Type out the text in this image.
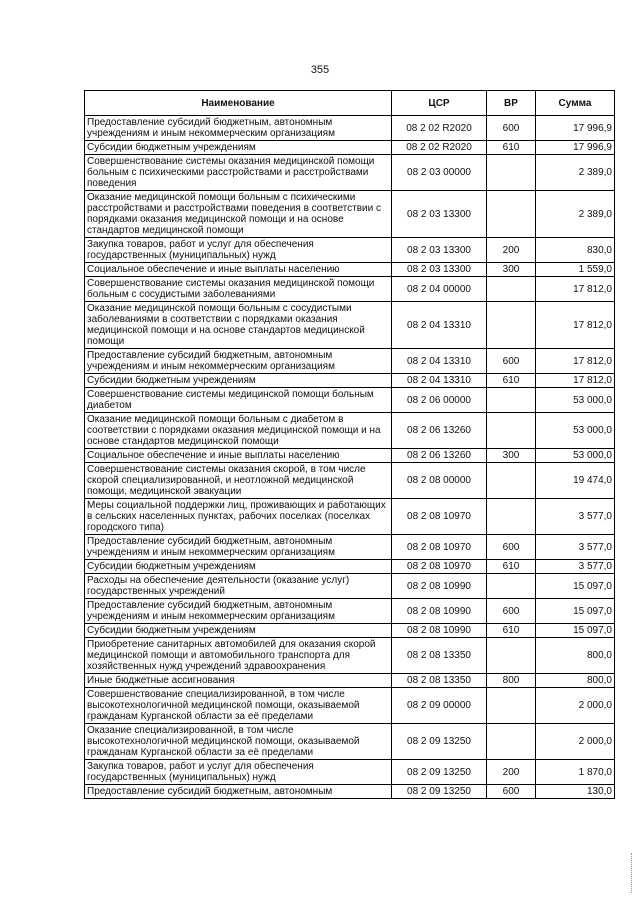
355
Наименование	ЦСР	ВР	Сумма
Предоставление субсидий бюджетным, автономным учреждениям и иным некоммерческим организациям	08 2 02 R2020	600	17 996,9
Субсидии бюджетным учреждениям	08 2 02 R2020	610	17 996,9
Совершенствование системы оказания медицинской помощи больным с психическими расстройствами и расстройствами поведения	08 2 03 00000		2 389,0
Оказание медицинской помощи больным с психическими расстройствами и расстройствами поведения в соответствии с порядками оказания медицинской помощи и на основе стандартов медицинской помощи	08 2 03 13300		2 389,0
Закупка товаров, работ и услуг для обеспечения государственных (муниципальных) нужд	08 2 03 13300	200	830,0
Социальное обеспечение и иные выплаты населению	08 2 03 13300	300	1 559,0
Совершенствование системы оказания медицинской помощи больным с сосудистыми заболеваниями	08 2 04 00000		17 812,0
Оказание медицинской помощи больным с сосудистыми заболеваниями в соответствии с порядками оказания медицинской помощи и на основе стандартов медицинской помощи	08 2 04 13310		17 812,0
Предоставление субсидий бюджетным, автономным учреждениям и иным некоммерческим организациям	08 2 04 13310	600	17 812,0
Субсидии бюджетным учреждениям	08 2 04 13310	610	17 812,0
Совершенствование системы медицинской помощи больным диабетом	08 2 06 00000		53 000,0
Оказание медицинской помощи больным с диабетом в соответствии с порядками оказания медицинской помощи и на основе стандартов медицинской помощи	08 2 06 13260		53 000,0
Социальное обеспечение и иные выплаты населению	08 2 06 13260	300	53 000,0
Совершенствование системы оказания скорой, в том числе скорой специализированной, и неотложной медицинской помощи, медицинской эвакуации	08 2 08 00000		19 474,0
Меры социальной поддержки лиц, проживающих и работающих в сельских населенных пунктах, рабочих поселках (поселках городского типа)	08 2 08 10970		3 577,0
Предоставление субсидий бюджетным, автономным учреждениям и иным некоммерческим организациям	08 2 08 10970	600	3 577,0
Субсидии бюджетным учреждениям	08 2 08 10970	610	3 577,0
Расходы на обеспечение деятельности (оказание услуг) государственных учреждений	08 2 08 10990		15 097,0
Предоставление субсидий бюджетным, автономным учреждениям и иным некоммерческим организациям	08 2 08 10990	600	15 097,0
Субсидии бюджетным учреждениям	08 2 08 10990	610	15 097,0
Приобретение санитарных автомобилей для оказания скорой медицинской помощи и автомобильного транспорта для хозяйственных нужд учреждений здравоохранения	08 2 08 13350		800,0
Иные бюджетные ассигнования	08 2 08 13350	800	800,0
Совершенствование специализированной, в том числе высокотехнологичной медицинской помощи, оказываемой гражданам Курганской области за её пределами	08 2 09 00000		2 000,0
Оказание специализированной, в том числе высокотехнологичной медицинской помощи, оказываемой гражданам Курганской области за её пределами	08 2 09 13250		2 000,0
Закупка товаров, работ и услуг для обеспечения государственных (муниципальных) нужд	08 2 09 13250	200	1 870,0
Предоставление субсидий бюджетным, автономным	08 2 09 13250	600	130,0
